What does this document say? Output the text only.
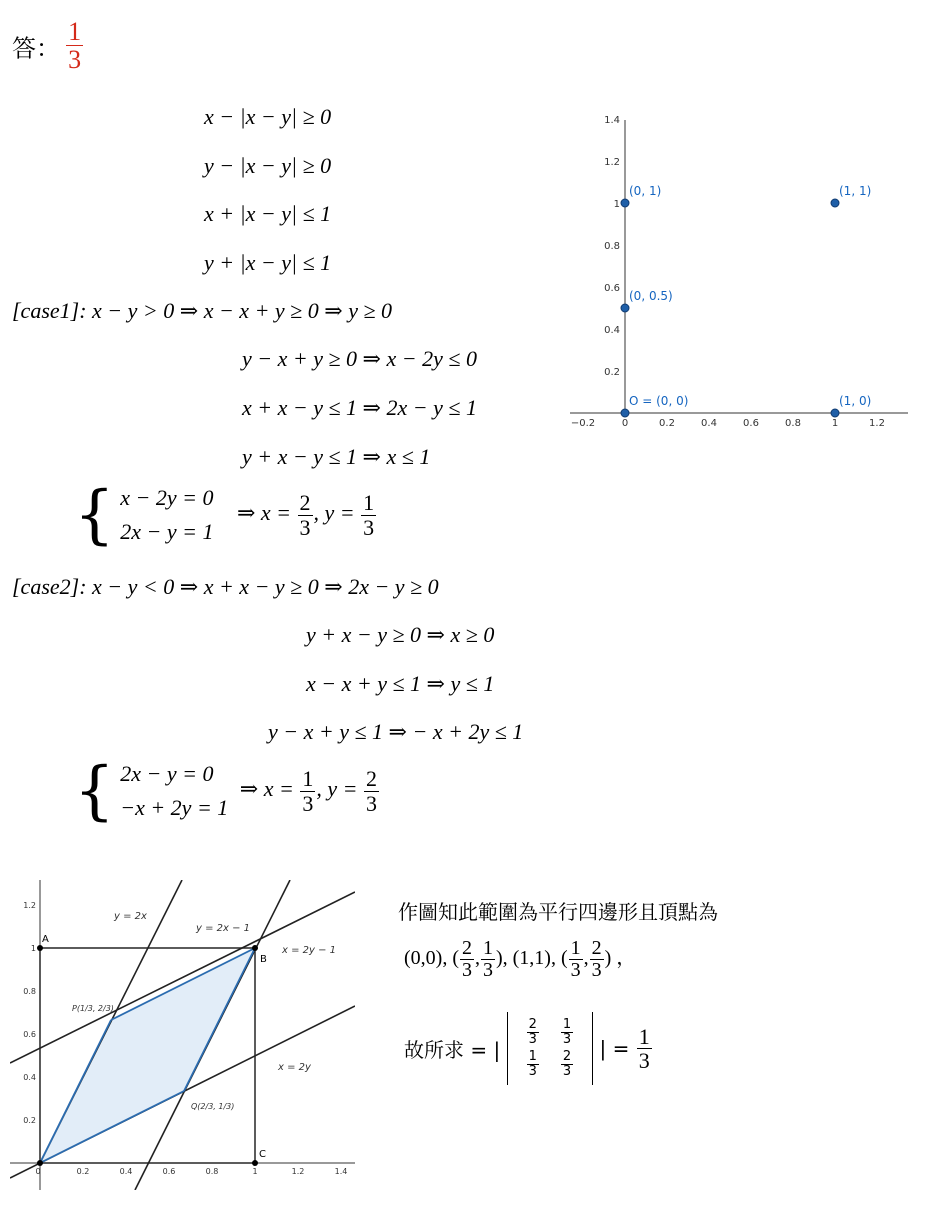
答： $\frac{1}{3}$
x − |x − y| ≥ 0
y − |x − y| ≥ 0
x + |x − y| ≤ 1
y + |x − y| ≤ 1
[case1]: x − y > 0 ⇒ x − x + y ≥ 0 ⇒ y ≥ 0
y − x + y ≥ 0 ⇒ x − 2y ≤ 0
x + x − y ≤ 1 ⇒ 2x − y ≤ 1
y + x − y ≤ 1 ⇒ x ≤ 1
{ x − 2y = 0
2x − y = 1
⇒ $x = \frac{2}{3}$ , $y = \frac{1}{3}$
[case2]: x − y < 0 ⇒ x + x − y ≥ 0 ⇒ 2x − y ≥ 0
y + x − y ≥ 0 ⇒ x ≥ 0
x − x + y ≤ 1 ⇒ y ≤ 1
y − x + y ≤ 1 ⇒ − x + 2y ≤ 1
{ 2x − y = 0
−x + 2y = 1
⇒ $x = \frac{1}{3}$ , $y = \frac{2}{3}$
−0.2	0	0.2	0.4	0.6	0.8	1	1.2
0.2
0.4
0.6
0.8
1
1.2
1.4
(0, 1)	(1, 1)
(0, 0.5)
O = (0, 0)	(1, 0)
0	0.2	0.4	0.6	0.8	1	1.2	1.4
0.2
0.4
0.6
0.8
1
1.2
A
B
C
y = 2x
y = 2x − 1
x = 2y − 1
x = 2y
P(1/3, 2/3)
Q(2/3, 1/3)
作圖知此範圍為平行四邊形且頂點為
(0,0), ( $\frac{2}{3}$ , $\frac{1}{3}$ ), (1,1), ( $\frac{1}{3}$ , $\frac{2}{3}$ ) ，
故所求 = |
$\frac{2}{3}$	$\frac{1}{3}$

$\frac{1}{3}$	$\frac{2}{3}$
| = $\frac{1}{3}$
